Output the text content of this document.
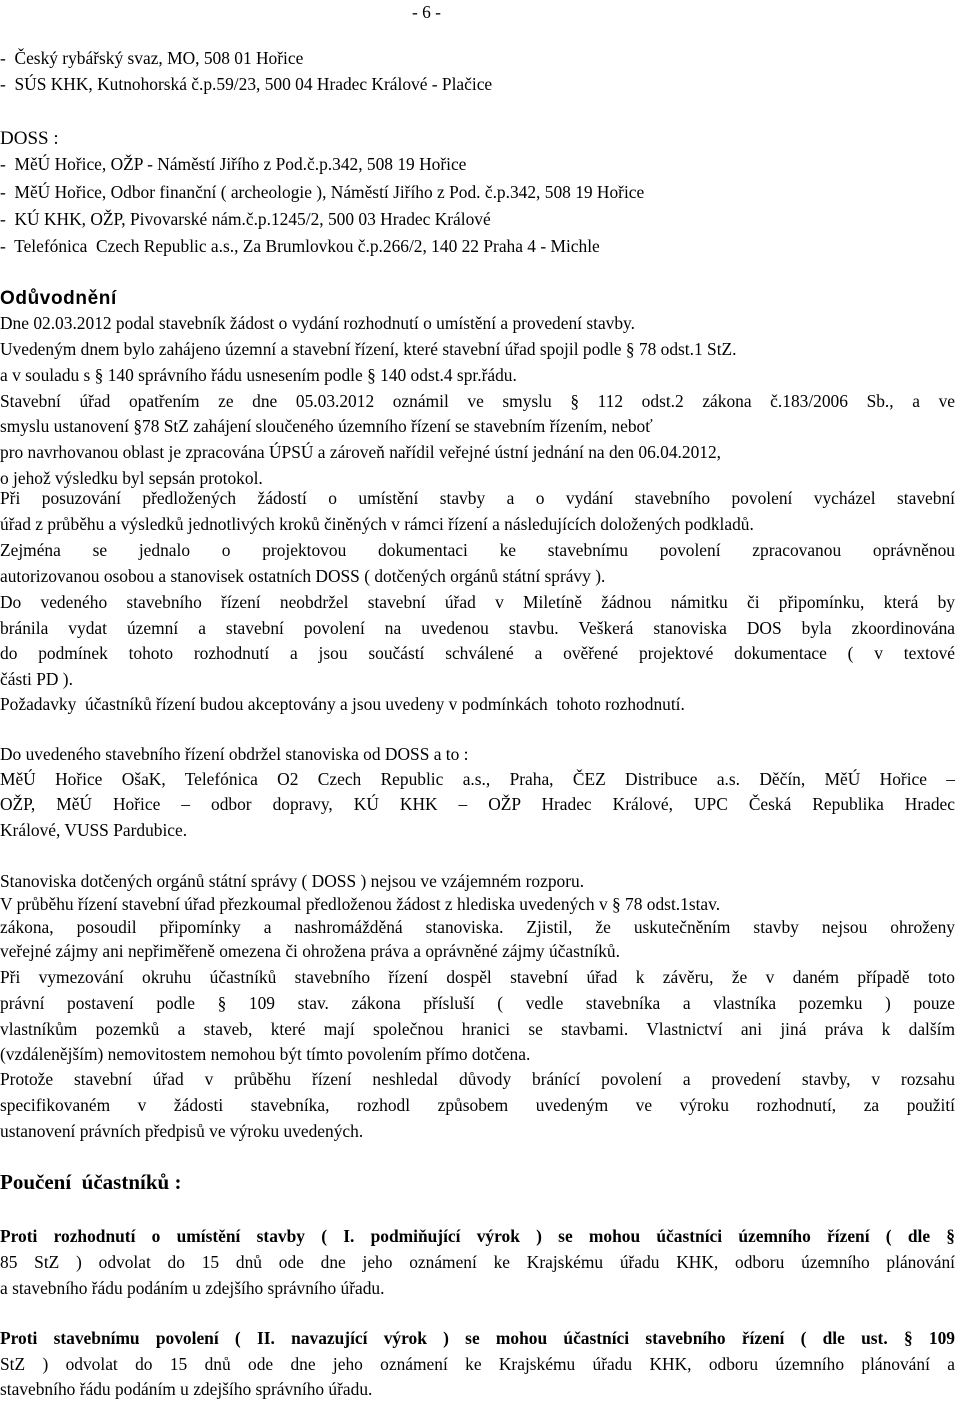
- 6 -
-  Český rybářský svaz, MO, 508 01 Hořice
-  SÚS KHK, Kutnohorská č.p.59/23, 500 04 Hradec Králové - Plačice
DOSS :
-  MěÚ Hořice, OŽP - Náměstí Jiřího z Pod.č.p.342, 508 19 Hořice
-  MěÚ Hořice, Odbor finanční ( archeologie ), Náměstí Jiřího z Pod. č.p.342, 508 19 Hořice
-  KÚ KHK, OŽP, Pivovarské nám.č.p.1245/2, 500 03 Hradec Králové
-  Telefónica  Czech Republic a.s., Za Brumlovkou č.p.266/2, 140 22 Praha 4 - Michle
Odůvodnění
Dne 02.03.2012 podal stavebník žádost o vydání rozhodnutí o umístění a provedení stavby.
Uvedeným dnem bylo zahájeno územní a stavební řízení, které stavební úřad spojil podle § 78 odst.1 StZ.
a v souladu s § 140 správního řádu usnesením podle § 140 odst.4 spr.řádu.
Stavební úřad opatřením ze dne 05.03.2012 oznámil ve smyslu § 112 odst.2 zákona č.183/2006 Sb., a ve
smyslu ustanovení §78 StZ zahájení sloučeného územního řízení se stavebním řízením, neboť
pro navrhovanou oblast je zpracována ÚPSÚ a zároveň nařídil veřejné ústní jednání na den 06.04.2012,
o jehož výsledku byl sepsán protokol.
Při posuzování předložených žádostí o umístění stavby a o vydání stavebního povolení vycházel stavební
úřad z průběhu a výsledků jednotlivých kroků činěných v rámci řízení a následujících doložených podkladů.
Zejména se jednalo o projektovou dokumentaci ke stavebnímu povolení zpracovanou oprávněnou
autorizovanou osobou a stanovisek ostatních DOSS ( dotčených orgánů státní správy ).
Do vedeného stavebního řízení neobdržel stavební úřad v Miletíně žádnou námitku či připomínku, která by
bránila vydat územní a stavební povolení na uvedenou stavbu. Veškerá stanoviska DOS byla zkoordinována
do podmínek tohoto rozhodnutí a jsou součástí schválené a ověřené projektové dokumentace ( v textové
části PD ).
Požadavky  účastníků řízení budou akceptovány a jsou uvedeny v podmínkách  tohoto rozhodnutí.
Do uvedeného stavebního řízení obdržel stanoviska od DOSS a to :
MěÚ Hořice OšaK, Telefónica O2 Czech Republic a.s., Praha, ČEZ Distribuce a.s. Děčín, MěÚ Hořice –
OŽP, MěÚ Hořice – odbor dopravy, KÚ KHK – OŽP Hradec Králové, UPC Česká Republika Hradec
Králové, VUSS Pardubice.
Stanoviska dotčených orgánů státní správy ( DOSS ) nejsou ve vzájemném rozporu.
V průběhu řízení stavební úřad přezkoumal předloženou žádost z hlediska uvedených v § 78 odst.1stav.
zákona, posoudil připomínky a nashromážděná stanoviska. Zjistil, že uskutečněním stavby nejsou ohroženy
veřejné zájmy ani nepřiměřeně omezena či ohrožena práva a oprávněné zájmy účastníků.
Při vymezování okruhu účastníků stavebního řízení dospěl stavební úřad k závěru, že v daném případě toto
právní postavení podle § 109 stav. zákona přísluší ( vedle stavebníka a vlastníka pozemku ) pouze
vlastníkům pozemků a staveb, které mají společnou hranici se stavbami. Vlastnictví ani jiná práva k dalším
(vzdálenějším) nemovitostem nemohou být tímto povolením přímo dotčena.
Protože stavební úřad v průběhu řízení neshledal důvody bránící povolení a provedení stavby, v rozsahu
specifikovaném v žádosti stavebníka, rozhodl způsobem uvedeným ve výroku rozhodnutí, za použití
ustanovení právních předpisů ve výroku uvedených.
Poučení  účastníků :
Proti rozhodnutí o umístění stavby ( I. podmiňující výrok ) se mohou účastníci územního řízení ( dle §
85 StZ ) odvolat do 15 dnů ode dne jeho oznámení ke Krajskému úřadu KHK, odboru územního plánování
a stavebního řádu podáním u zdejšího správního úřadu.
Proti stavebnímu povolení ( II. navazující výrok ) se mohou účastníci stavebního řízení ( dle ust. § 109
StZ ) odvolat do 15 dnů ode dne jeho oznámení ke Krajskému úřadu KHK, odboru územního plánování a
stavebního řádu podáním u zdejšího správního úřadu.
